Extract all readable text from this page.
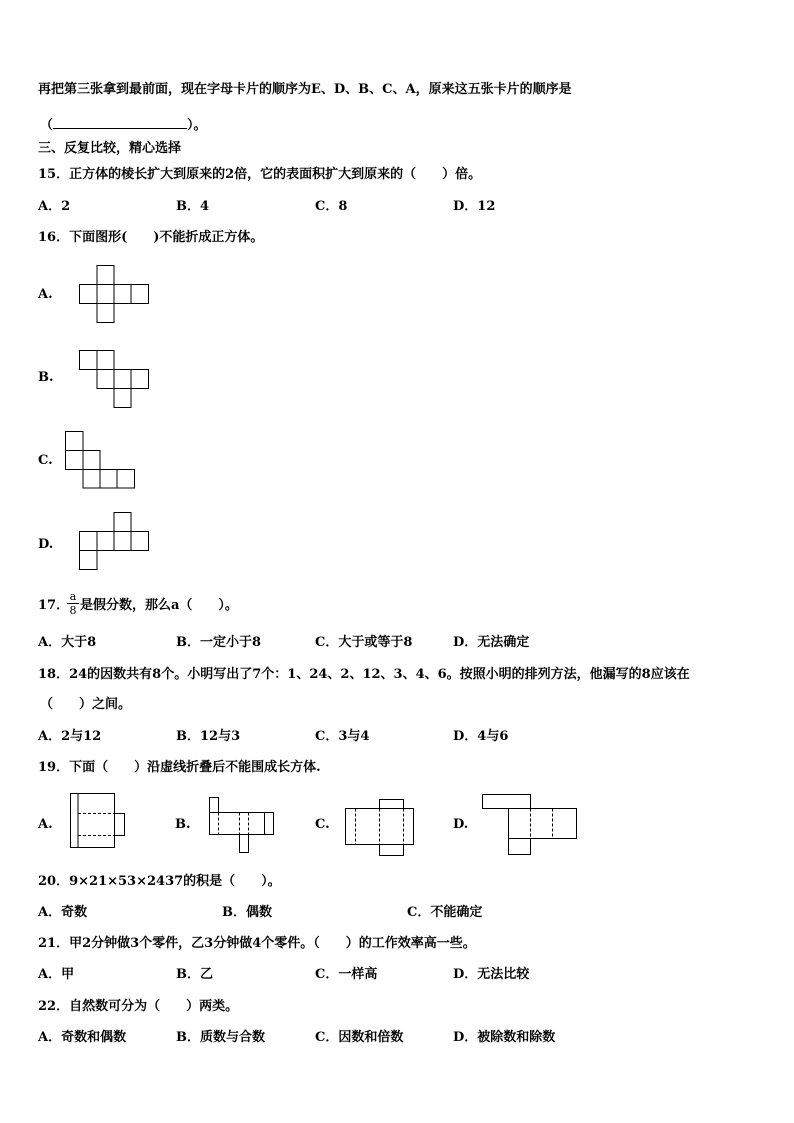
再把第三张拿到最前面，现在字母卡片的顺序为E、D、B、C、A，原来这五张卡片的顺序是
（	）。
三、反复比较，精心选择
15．正方体的棱长扩大到原来的2倍，它的表面积扩大到原来的（　　）倍。
A．2	B．4	C．8	D．12
16．下面图形(　　)不能折成正方体。
A.
B.
C.
D.
17．
a
8 是假分数，那么a（　　）。
A．大于8	B．一定小于8	C．大于或等于8	D．无法确定
18．24的因数共有8个。小明写出了7个：1、24、2、12、3、4、6。按照小明的排列方法，他漏写的8应该在
（　　）之间。
A．2与12	B．12与3	C．3与4	D．4与6
19．下面（　　）沿虚线折叠后不能围成长方体.
A.	B.	C.	D.
20．9×21×53×2437的积是（　　）。
A．奇数	B．偶数	C．不能确定
21．甲2分钟做3个零件，乙3分钟做4个零件。（　　）的工作效率高一些。
A．甲	B．乙	C．一样高	D．无法比较
22．自然数可分为（　　）两类。
A．奇数和偶数	B．质数与合数	C．因数和倍数	D．被除数和除数
